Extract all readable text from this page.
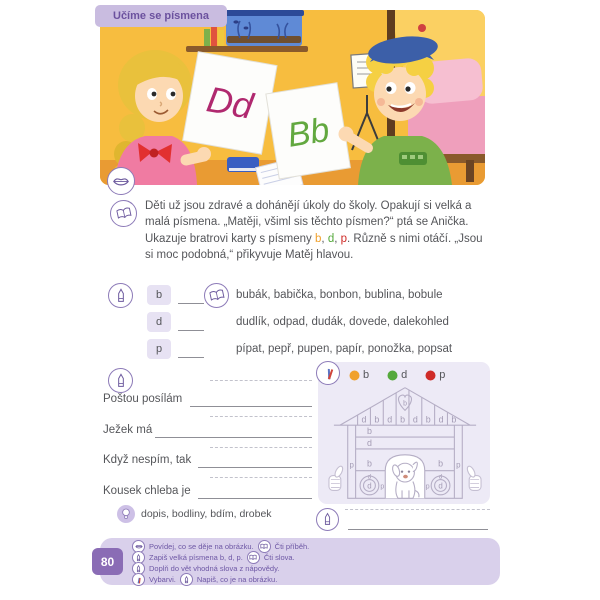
Dd
Bb
Učíme se písmena

Děti už jsou zdravé a dohánějí úkoly do školy. Opakují si velká a malá písmena. „Matěji, všiml sis těchto písmen?“ ptá se Anička. Ukazuje bratrovi karty s písmeny b, d, p. Různě s nimi otáčí. „Jsou si moc podobná,“ přikyvuje Matěj hlavou.

b	bubák, babička, bonbon, bublina, bobule
d	dudlík, odpad, dudák, dovede, dalekohled
p	pípat, pepř, pupen, papír, ponožka, popsat
Poštou posílám
Ježek má
Když nespím, tak
Kousek chleba je
dopis, bodliny, bdím, drobek
b	d	p
b
d b d b d b d b
b
d
p b	b p
d	d
d p	p d
Povídej, co se děje na obrázku.	Čti příběh.
Zapiš velká písmena b, d, p.	Čti slova.
Doplň do vět vhodná slova z nápovědy.
Vybarvi.	Napiš, co je na obrázku.
80
